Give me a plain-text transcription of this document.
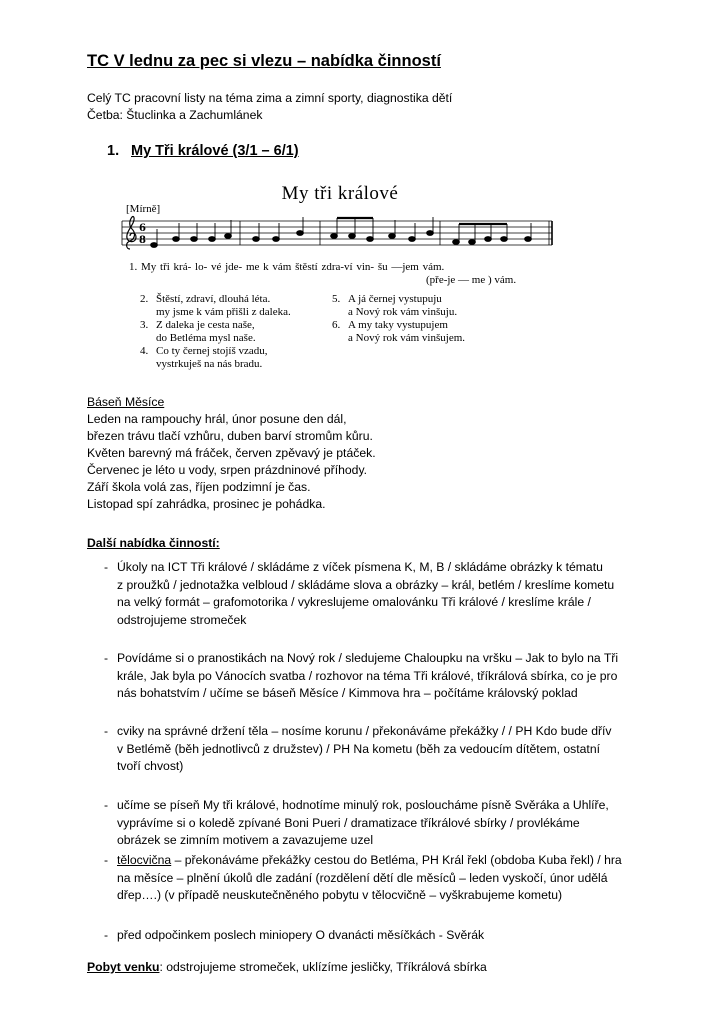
TC V lednu za pec si vlezu – nabídka činností
Celý TC pracovní listy na téma zima a zimní sporty, diagnostika dětí
Četba: Štuclinka a Zachumlánek
1. My Tři králové (3/1 – 6/1)
My tři králové
[Mírně]
6
8
1. My tři krá- lo- vé jde- me k vám štěstí zdra-ví vin- šu —jem vám.
(pře-je — me ) vám.
2. Štěstí, zdraví, dlouhá léta.
my jsme k vám přišli z daleka.
3. Z daleka je cesta naše,
do Betléma mysl naše.
4. Co ty černej stojíš vzadu,
vystrkuješ na nás bradu.
5. A já černej vystupuju
a Nový rok vám vinšuju.
6. A my taky vystupujem
a Nový rok vám vinšujem.
Báseň Měsíce
Leden na rampouchy hrál, únor posune den dál,
březen trávu tlačí vzhůru, duben barví stromům kůru.
Květen barevný má fráček, červen zpěvavý je ptáček.
Červenec je léto u vody, srpen prázdninové příhody.
Září škola volá zas, říjen podzimní je čas.
Listopad spí zahrádka, prosinec je pohádka.
Další nabídka činností:
- Úkoly na ICT Tři králové / skládáme z víček písmena K, M, B / skládáme obrázky k tématu
z proužků / jednotažka velbloud / skládáme slova a obrázky – král, betlém / kreslíme kometu
na velký formát – grafomotorika / vykreslujeme omalovánku Tři králové / kreslíme krále /
odstrojujeme stromeček
- Povídáme si o pranostikách na Nový rok / sledujeme Chaloupku na vršku – Jak to bylo na Tři
krále, Jak byla po Vánocích svatba / rozhovor na téma Tři králové, tříkrálová sbírka, co je pro
nás bohatstvím / učíme se báseň Měsíce / Kimmova hra – počítáme královský poklad
- cviky na správné držení těla – nosíme korunu / překonáváme překážky / / PH Kdo bude dřív
v Betlémě (běh jednotlivců z družstev) / PH Na kometu (běh za vedoucím dítětem, ostatní
tvoří chvost)
- učíme se píseň My tři králové, hodnotíme minulý rok, posloucháme písně Svěráka a Uhlíře,
vyprávíme si o koledě zpívané Boni Pueri / dramatizace tříkrálové sbírky / provlékáme
obrázek se zimním motivem a zavazujeme uzel
- tělocvična – překonáváme překážky cestou do Betléma, PH Král řekl (obdoba Kuba řekl) / hra
na měsíce – plnění úkolů dle zadání (rozdělení dětí dle měsíců – leden vyskočí, únor udělá
dřep….) (v případě neuskutečněného pobytu v tělocvičně – vyškrabujeme kometu)
- před odpočinkem poslech miniopery O dvanácti měsíčkách - Svěrák
Pobyt venku: odstrojujeme stromeček, uklízíme jesličky, Tříkrálová sbírka
